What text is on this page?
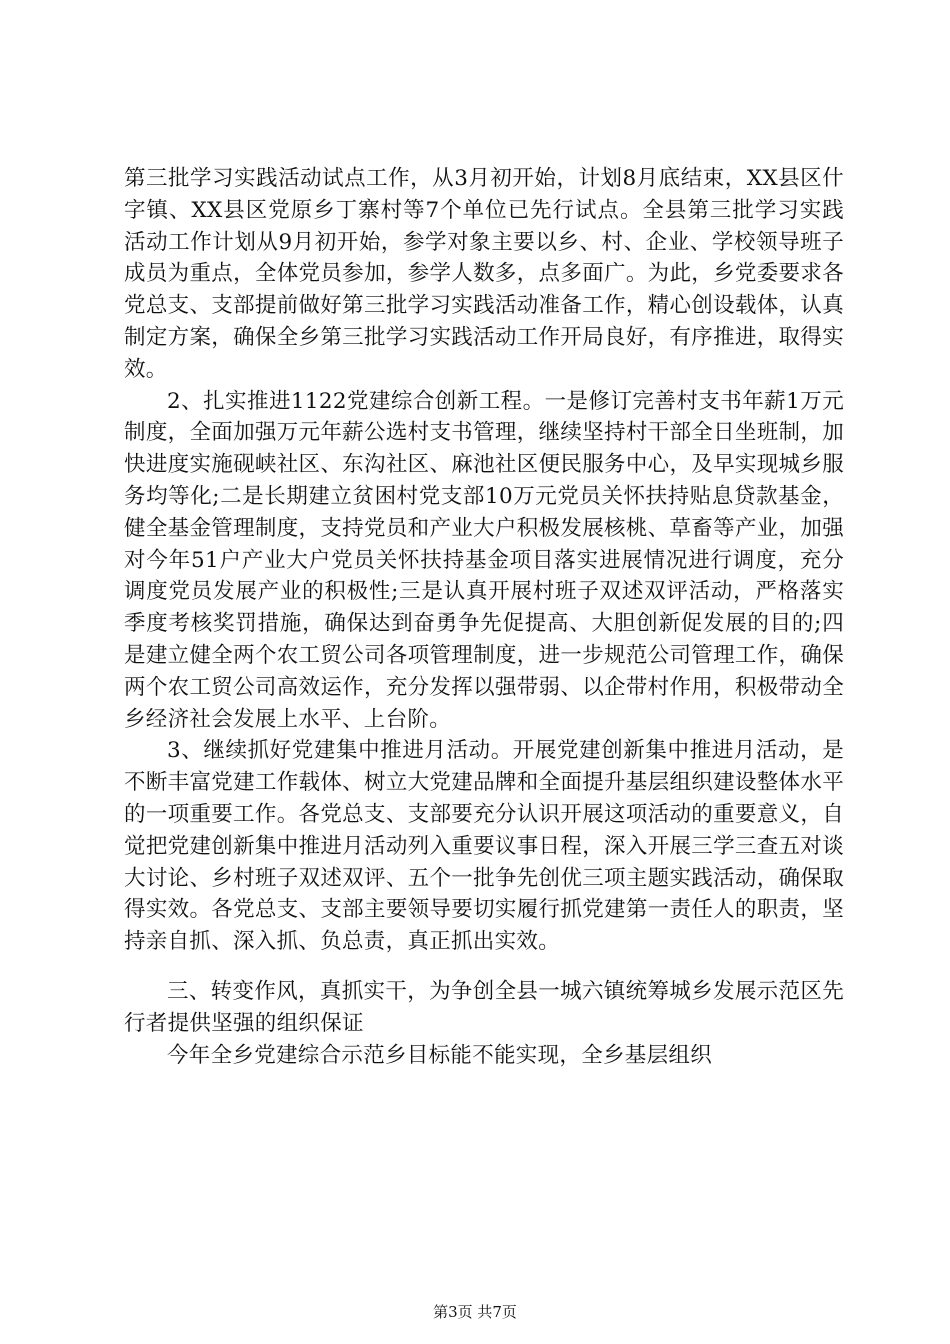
第三批学习实践活动试点工作，从3月初开始，计划8月底结束，XX县区什字镇、XX县区党原乡丁寨村等7个单位已先行试点。全县第三批学习实践活动工作计划从9月初开始，参学对象主要以乡、村、企业、学校领导班子成员为重点，全体党员参加，参学人数多，点多面广。为此，乡党委要求各党总支、支部提前做好第三批学习实践活动准备工作，精心创设载体，认真制定方案，确保全乡第三批学习实践活动工作开局良好，有序推进，取得实效。

2、扎实推进1122党建综合创新工程。一是修订完善村支书年薪1万元制度，全面加强万元年薪公选村支书管理，继续坚持村干部全日坐班制，加快进度实施砚峡社区、东沟社区、麻池社区便民服务中心，及早实现城乡服务均等化;二是长期建立贫困村党支部10万元党员关怀扶持贴息贷款基金，健全基金管理制度，支持党员和产业大户积极发展核桃、草畜等产业，加强对今年51户产业大户党员关怀扶持基金项目落实进展情况进行调度，充分调度党员发展产业的积极性;三是认真开展村班子双述双评活动，严格落实季度考核奖罚措施，确保达到奋勇争先促提高、大胆创新促发展的目的;四是建立健全两个农工贸公司各项管理制度，进一步规范公司管理工作，确保两个农工贸公司高效运作，充分发挥以强带弱、以企带村作用，积极带动全乡经济社会发展上水平、上台阶。

3、继续抓好党建集中推进月活动。开展党建创新集中推进月活动，是不断丰富党建工作载体、树立大党建品牌和全面提升基层组织建设整体水平的一项重要工作。各党总支、支部要充分认识开展这项活动的重要意义，自觉把党建创新集中推进月活动列入重要议事日程，深入开展三学三查五对谈大讨论、乡村班子双述双评、五个一批争先创优三项主题实践活动，确保取得实效。各党总支、支部主要领导要切实履行抓党建第一责任人的职责，坚持亲自抓、深入抓、负总责，真正抓出实效。

三、转变作风，真抓实干，为争创全县一城六镇统筹城乡发展示范区先行者提供坚强的组织保证

今年全乡党建综合示范乡目标能不能实现，全乡基层组织

第3页 共7页
